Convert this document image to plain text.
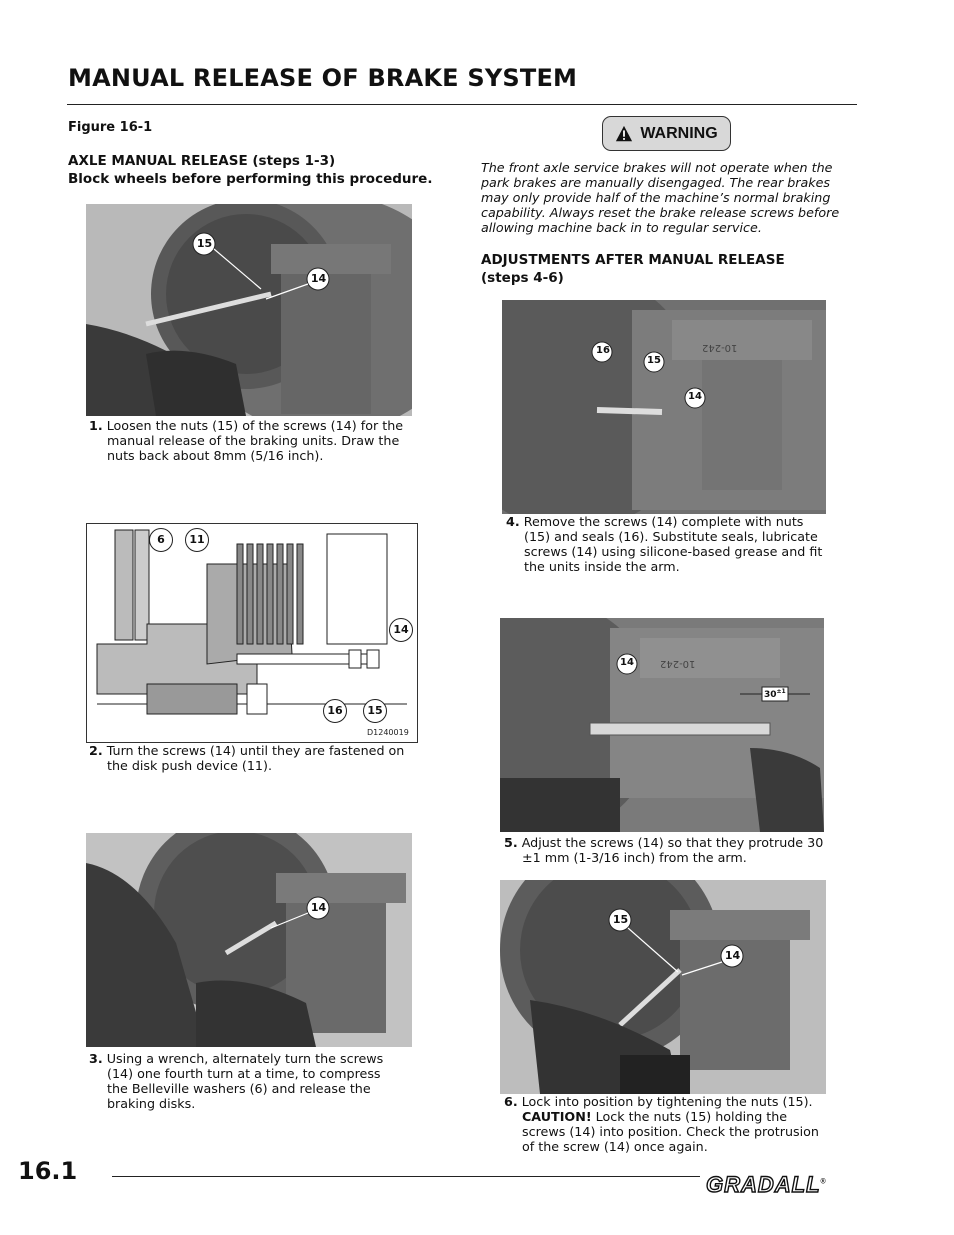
MANUAL RELEASE OF BRAKE SYSTEM
Figure 16-1
AXLE MANUAL RELEASE (steps 1-3)
Block wheels before performing this procedure.
WARNING
The front axle service brakes will not operate when the park brakes are manually disengaged. The rear brakes may only provide half of the machine’s normal braking capability. Always reset the brake release screws before allowing machine back in to regular service.
ADJUSTMENTS AFTER MANUAL RELEASE
(steps 4-6)
15
14
1. Loosen the nuts (15) of the screws (14) for the manual release of the braking units. Draw the nuts back about 8mm (5/16 inch).
D1240019
6	11
14
16	15
2. Turn the screws (14) until they are fastened on the disk push device (11).
14
3. Using a wrench, alternately turn the screws (14) one fourth turn at a time, to compress the Belleville washers (6) and release the braking disks.
16
15
14
10-242
4. Remove the screws (14) complete with nuts (15) and seals (16). Substitute seals, lubricate screws (14) using silicone-based grease and fit the units inside the arm.
14
$30^{\pm 1}$
10-242
5. Adjust the screws (14) so that they protrude 30 ±1 mm (1-3/16 inch) from the arm.
15
14
6. Lock into position by tightening the nuts (15).
CAUTION! Lock the nuts (15) holding the screws (14) into position. Check the protrusion of the screw (14) once again.
16.1	GRADALL®
